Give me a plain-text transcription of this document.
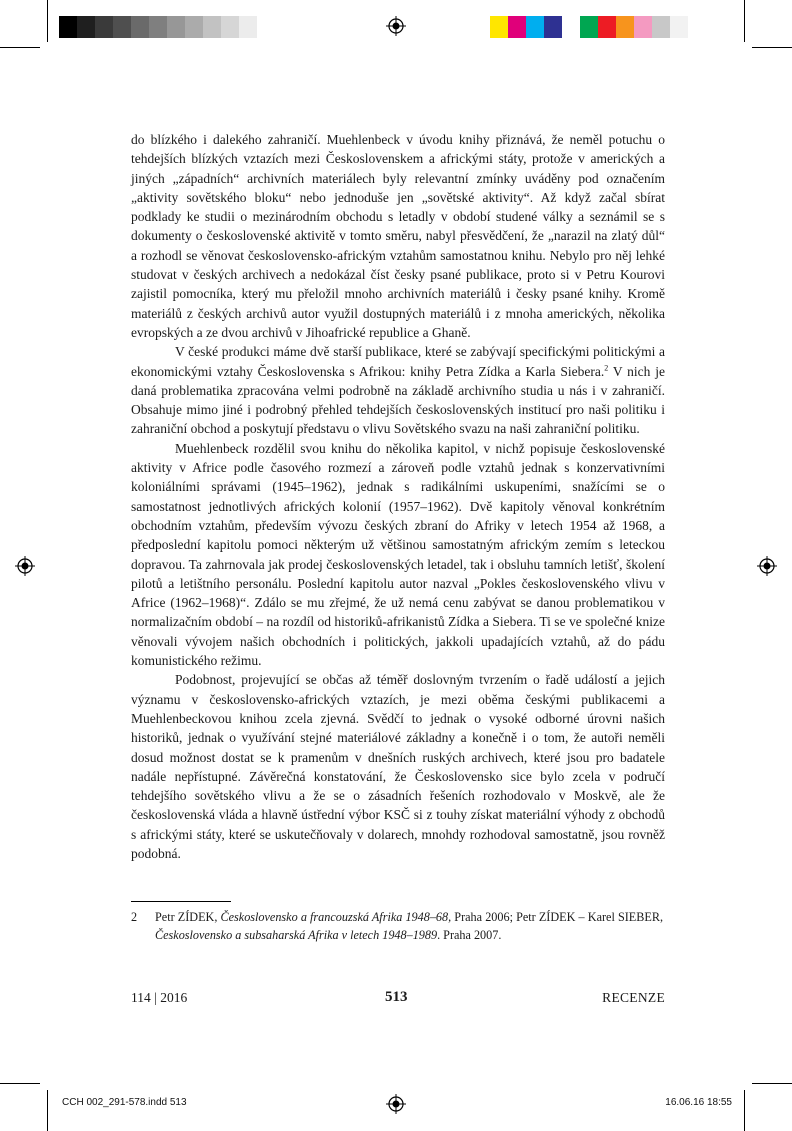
do blízkého i dalekého zahraničí. Muehlenbeck v úvodu knihy přiznává, že neměl potuchu o tehdejších blízkých vztazích mezi Československem a africkými státy, protože v amerických a jiných „západních“ archivních materiálech byly relevantní zmínky uváděny pod označením „aktivity sovětského bloku“ nebo jednoduše jen „sovětské aktivity“. Až když začal sbírat podklady ke studii o mezinárodním obchodu s letadly v období studené války a seznámil se s dokumenty o československé aktivitě v tomto směru, nabyl přesvědčení, že „narazil na zlatý důl“ a rozhodl se věnovat československo-africkým vztahům samostatnou knihu. Nebylo pro něj lehké studovat v českých archivech a nedokázal číst česky psané publikace, proto si v Petru Kourovi zajistil pomocníka, který mu přeložil mnoho archivních materiálů i česky psané knihy. Kromě materiálů z českých archivů autor využil dostupných materiálů i z mnoha amerických, několika evropských a ze dvou archivů v Jihoafrické republice a Ghaně.

V české produkci máme dvě starší publikace, které se zabývají specifickými politickými a ekonomickými vztahy Československa s Afrikou: knihy Petra Zídka a Karla Siebera.$^2$ V nich je daná problematika zpracována velmi podrobně na základě archivního studia u nás i v zahraničí. Obsahuje mimo jiné i podrobný přehled tehdejších československých institucí pro naši politiku i zahraniční obchod a poskytují představu o vlivu Sovětského svazu na naši zahraniční politiku.

Muehlenbeck rozdělil svou knihu do několika kapitol, v nichž popisuje československé aktivity v Africe podle časového rozmezí a zároveň podle vztahů jednak s konzervativními koloniálními správami (1945–1962), jednak s radikálními uskupeními, snažícími se o samostatnost jednotlivých afrických kolonií (1957–1962). Dvě kapitoly věnoval konkrétním obchodním vztahům, především vývozu českých zbraní do Afriky v letech 1954 až 1968, a předposlední kapitolu pomoci některým už většinou samostatným africkým zemím s leteckou dopravou. Ta zahrnovala jak prodej československých letadel, tak i obsluhu tamních letišť, školení pilotů a letištního personálu. Poslední kapitolu autor nazval „Pokles československého vlivu v Africe (1962–1968)“. Zdálo se mu zřejmé, že už nemá cenu zabývat se danou problematikou v normalizačním období – na rozdíl od historiků-afrikanistů Zídka a Siebera. Ti se ve společné knize věnovali vývojem našich obchodních i politických, jakkoli upadajících vztahů, až do pádu komunistického režimu.

Podobnost, projevující se občas až téměř doslovným tvrzením o řadě událostí a jejich významu v československo-afrických vztazích, je mezi oběma českými publikacemi a Muehlenbeckovou knihou zcela zjevná. Svědčí to jednak o vysoké odborné úrovni našich historiků, jednak o využívání stejné materiálové základny a konečně i o tom, že autoři neměli dosud možnost dostat se k pramenům v dnešních ruských archivech, které jsou pro badatele nadále nepřístupné. Závěrečná konstatování, že Československo sice bylo zcela v područí tehdejšího sovětského vlivu a že se o zásadních řešeních rozhodovalo v Moskvě, ale že československá vláda a hlavně ústřední výbor KSČ si z touhy získat materiální výhody z obchodů s africkými státy, které se uskutečňovaly v dolarech, mnohdy rozhodoval samostatně, jsou rovněž podobná.

2 Petr ZÍDEK, Československo a francouzská Afrika 1948–68, Praha 2006; Petr ZÍDEK – Karel SIEBER, Československo a subsaharská Afrika v letech 1948–1989. Praha 2007.
114 | 2016	513	RECENZE
CCH 002_291-578.indd 513	16.06.16 18:55
